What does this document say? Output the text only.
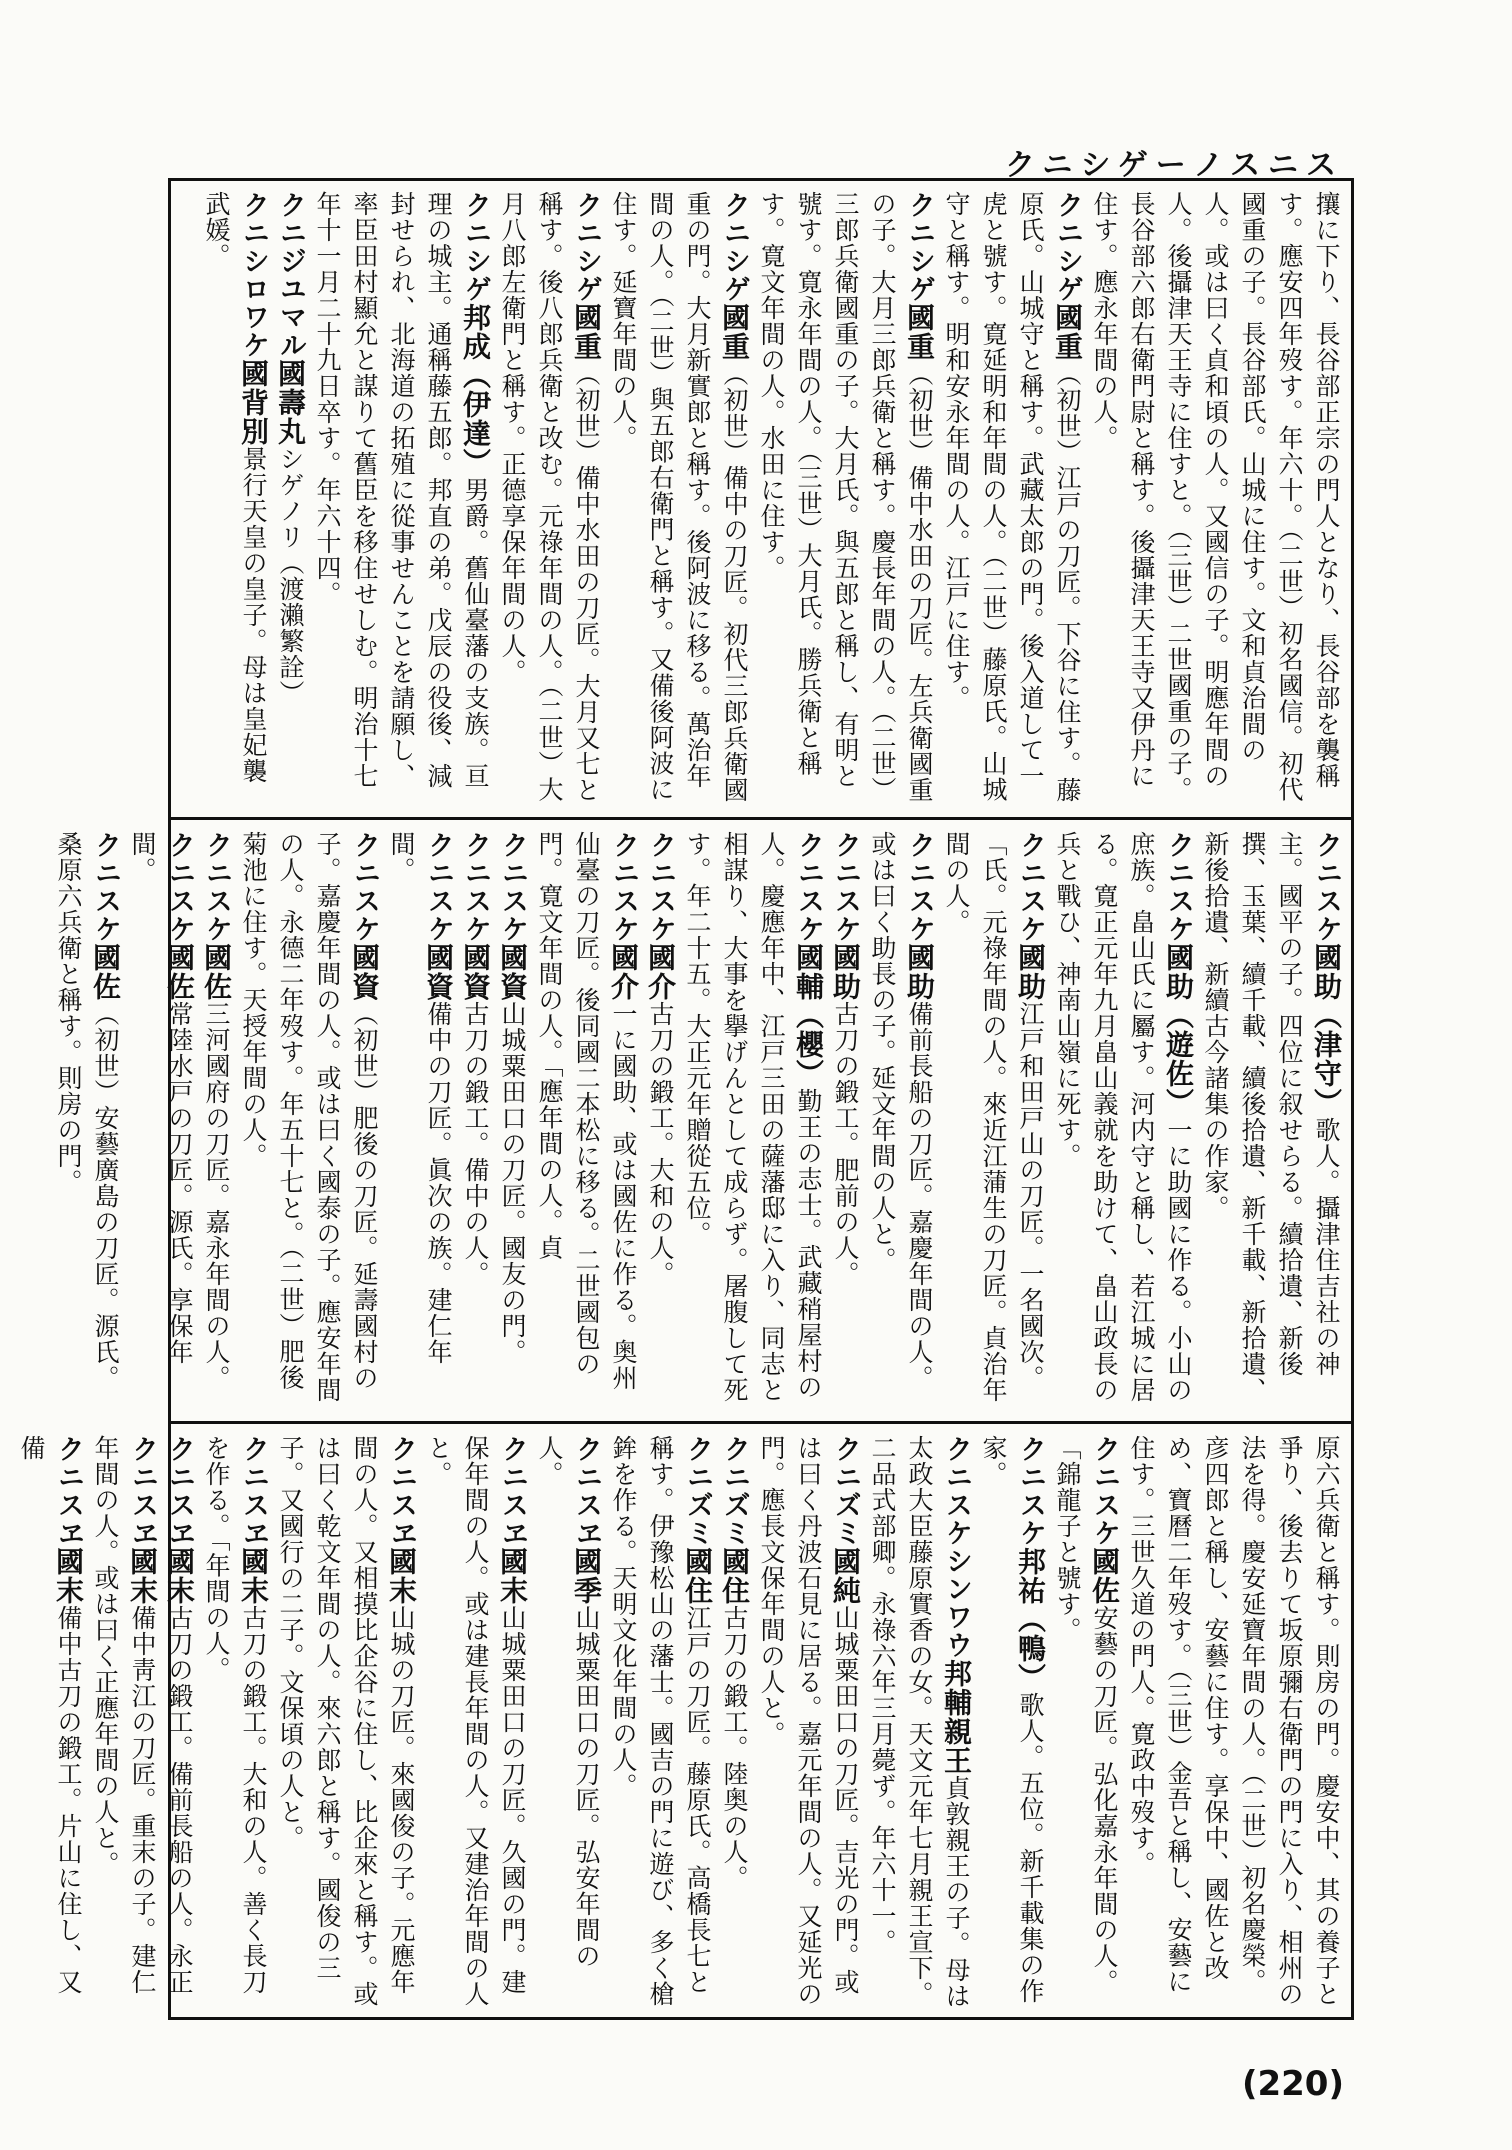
クニシゲーノスニス
攘に下り、長谷部正宗の門人となり、長谷部を襲稱す。應安四年歿す。年六十。（二世）初名國信。初代國重の子。長谷部氏。山城に住す。文和貞治間の人。或は曰く貞和頃の人。又國信の子。明應年間の人。後攝津天王寺に住すと。（三世）二世國重の子。長谷部六郎右衛門尉と稱す。後攝津天王寺又伊丹に住す。應永年間の人。
クニシゲ國重（初世）江戸の刀匠。下谷に住す。藤原氏。山城守と稱す。武藏太郎の門。後入道して一虎と號す。寛延明和年間の人。（二世）藤原氏。山城守と稱す。明和安永年間の人。江戸に住す。
クニシゲ國重（初世）備中水田の刀匠。左兵衛國重の子。大月三郎兵衛と稱す。慶長年間の人。（二世）三郎兵衛國重の子。大月氏。與五郎と稱し、有明と號す。寛永年間の人。（三世）大月氏。勝兵衛と稱す。寛文年間の人。水田に住す。
クニシゲ國重（初世）備中の刀匠。初代三郎兵衛國重の門。大月新實郎と稱す。後阿波に移る。萬治年間の人。（二世）與五郎右衛門と稱す。又備後阿波に住す。延寶年間の人。
クニシゲ國重（初世）備中水田の刀匠。大月又七と稱す。後八郎兵衛と改む。元祿年間の人。（二世）大月八郎左衛門と稱す。正德享保年間の人。
クニシゲ邦成（伊達）男爵。舊仙臺藩の支族。亘理の城主。通稱藤五郎。邦直の弟。戊辰の役後、減封せられ、北海道の拓殖に從事せんことを請願し、率臣田村顯允と謀りて舊臣を移住せしむ。明治十七年十一月二十九日卒す。年六十四。
クニジユマル國壽丸シゲノリ（渡瀨繁詮）
クニシロワケ國背別景行天皇の皇子。母は皇妃襲武媛。
クニスケ國助（津守）歌人。攝津住吉社の神主。國平の子。四位に叙せらる。續拾遺、新後撰、玉葉、續千載、續後拾遺、新千載、新拾遺、新後拾遺、新續古今諸集の作家。
クニスケ國助（遊佐）一に助國に作る。小山の庶族。畠山氏に屬す。河内守と稱し、若江城に居る。寛正元年九月畠山義就を助けて、畠山政長の兵と戰ひ、神南山嶺に死す。
クニスケ國助江戸和田戸山の刀匠。一名國次。「氏。元祿年間の人。來近江蒲生の刀匠。貞治年間の人。
クニスケ國助備前長船の刀匠。嘉慶年間の人。或は曰く助長の子。延文年間の人と。
クニスケ國助古刀の鍛工。肥前の人。
クニスケ國輔（櫻）勤王の志士。武藏稍屋村の人。慶應年中、江戸三田の薩藩邸に入り、同志と相謀り、大事を擧げんとして成らず。屠腹して死す。年二十五。大正元年贈從五位。
クニスケ國介古刀の鍛工。大和の人。
クニスケ國介一に國助、或は國佐に作る。奥州仙臺の刀匠。後同國二本松に移る。二世國包の門。寛文年間の人。「應年間の人。貞
クニスケ國資山城粟田口の刀匠。國友の門。
クニスケ國資古刀の鍛工。備中の人。
クニスケ國資備中の刀匠。眞次の族。建仁年間。
クニスケ國資（初世）肥後の刀匠。延壽國村の子。嘉慶年間の人。或は曰く國泰の子。應安年間の人。永德二年歿す。年五十七と。（二世）肥後菊池に住す。天授年間の人。
クニスケ國佐三河國府の刀匠。嘉永年間の人。
クニスケ國佐常陸水戸の刀匠。源氏。享保年間。
クニスケ國佐（初世）安藝廣島の刀匠。源氏。桑原六兵衛と稱す。則房の門。
原六兵衛と稱す。則房の門。慶安中、其の養子と爭り、後去りて坂原彌右衛門の門に入り、相州の法を得。慶安延寶年間の人。（二世）初名慶榮。彦四郎と稱し、安藝に住す。享保中、國佐と改め、寶曆二年歿す。（三世）金吾と稱し、安藝に住す。三世久道の門人。寛政中歿す。
クニスケ國佐安藝の刀匠。弘化嘉永年間の人。「錦龍子と號す。
クニスケ邦祐（鴨）歌人。五位。新千載集の作家。
クニスケシンワウ邦輔親王貞敦親王の子。母は太政大臣藤原實香の女。天文元年七月親王宣下。二品式部卿。永祿六年三月薨ず。年六十一。
クニズミ國純山城粟田口の刀匠。吉光の門。或は曰く丹波石見に居る。嘉元年間の人。又延光の門。應長文保年間の人と。
クニズミ國住古刀の鍛工。陸奥の人。
クニズミ國住江戸の刀匠。藤原氏。高橋長七と稱す。伊豫松山の藩士。國吉の門に遊び、多く槍鉾を作る。天明文化年間の人。
クニスヱ國季山城粟田口の刀匠。弘安年間の人。
クニスヱ國末山城粟田口の刀匠。久國の門。建保年間の人。或は建長年間の人。又建治年間の人と。
クニスヱ國末山城の刀匠。來國俊の子。元應年間の人。又相摸比企谷に住し、比企來と稱す。或は曰く乾文年間の人。來六郎と稱す。國俊の三子。又國行の二子。文保頃の人と。
クニスヱ國末古刀の鍛工。大和の人。善く長刀を作る。「年間の人。
クニスヱ國末古刀の鍛工。備前長船の人。永正
クニスヱ國末備中靑江の刀匠。重末の子。建仁年間の人。或は曰く正應年間の人と。
クニスヱ國末備中古刀の鍛工。片山に住し、又備
(220)
